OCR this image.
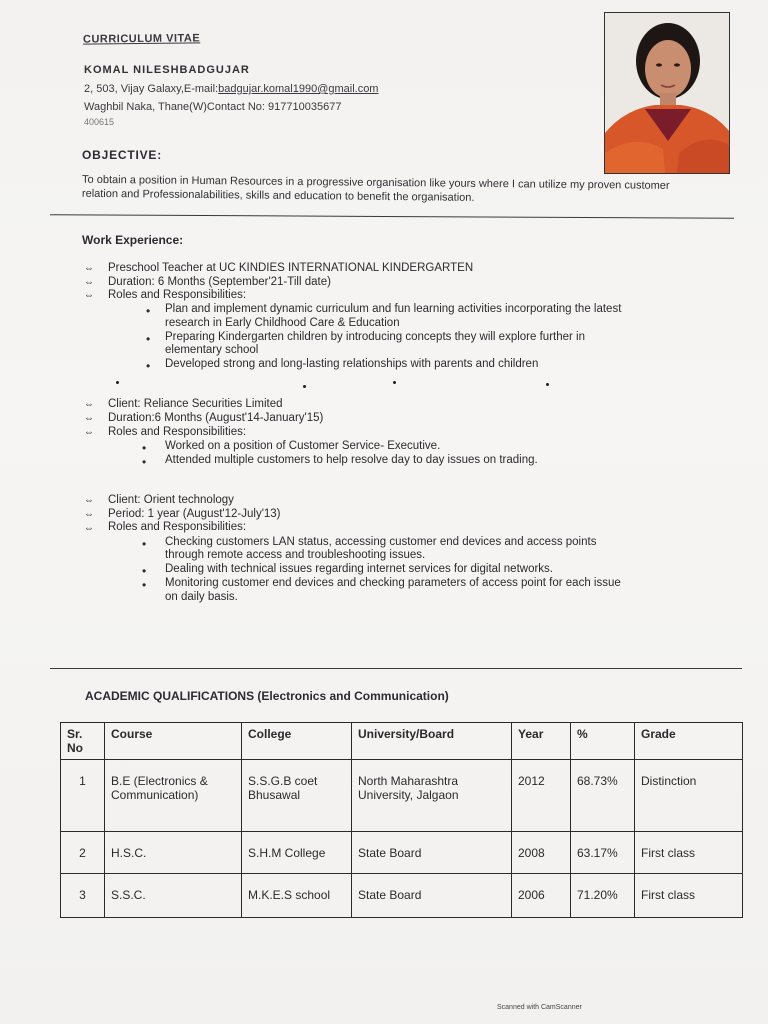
CURRICULUM VITAE
KOMAL NILESHBADGUJAR
2, 503, Vijay Galaxy,E-mail:badgujar.komal1990@gmail.com
Waghbil Naka, Thane(W)Contact No: 917710035677
400615
OBJECTIVE:
To obtain a position in Human Resources in a progressive organisation like yours where I can utilize my proven customer relation and Professionalabilities, skills and education to benefit the organisation.
Work Experience:
⇔ Preschool Teacher at UC KINDIES INTERNATIONAL KINDERGARTEN
⇔ Duration: 6 Months (September'21-Till date)
⇔ Roles and Responsibilities:
• Plan and implement dynamic curriculum and fun learning activities incorporating the latest
research in Early Childhood Care & Education
• Preparing Kindergarten children by introducing concepts they will explore further in
elementary school
• Developed strong and long-lasting relationships with parents and children
⇔ Client: Reliance Securities Limited
⇔ Duration:6 Months (August'14-January'15)
⇔ Roles and Responsibilities:
• Worked on a position of Customer Service- Executive.
• Attended multiple customers to help resolve day to day issues on trading.
⇔ Client: Orient technology
⇔ Period: 1 year (August'12-July'13)
⇔ Roles and Responsibilities:
• Checking customers LAN status, accessing customer end devices and access points
through remote access and troubleshooting issues.
• Dealing with technical issues regarding internet services for digital networks.
• Monitoring customer end devices and checking parameters of access point for each issue
on daily basis.
ACADEMIC QUALIFICATIONS (Electronics and Communication)
Sr. No	Course	College	University/Board	Year	%	Grade
1	B.E (Electronics & Communication)	S.S.G.B coet Bhusawal	North Maharashtra University, Jalgaon	2012	68.73%	Distinction
2	H.S.C.	S.H.M College	State Board	2008	63.17%	First class
3	S.S.C.	M.K.E.S school	State Board	2006	71.20%	First class
Scanned with CamScanner
